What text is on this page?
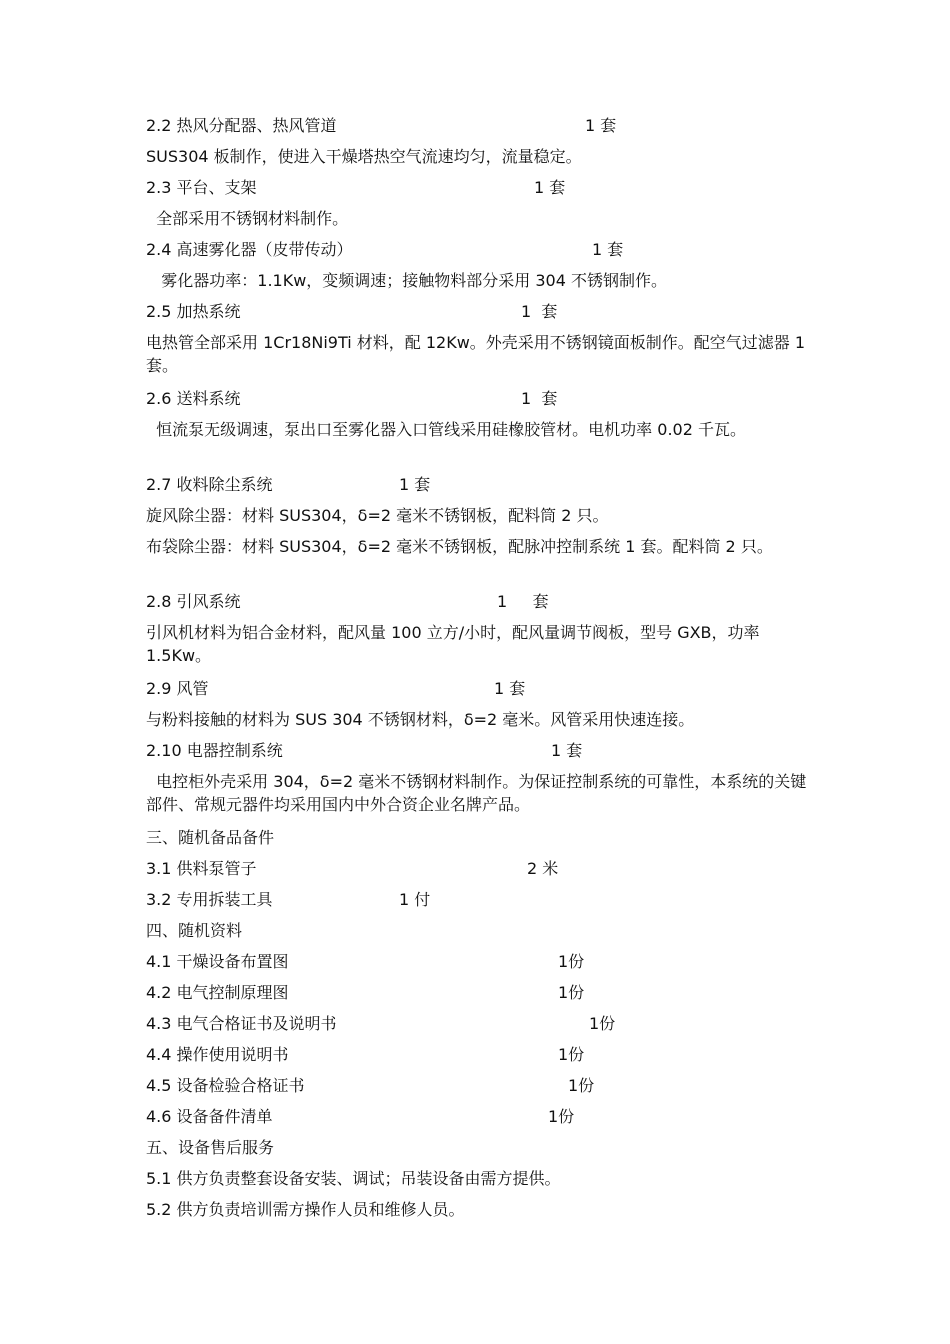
2.2 热风分配器、热风管道	1 套
SUS304 板制作，使进入干燥塔热空气流速均匀，流量稳定。
2.3 平台、支架	1 套
全部采用不锈钢材料制作。
2.4 高速雾化器（皮带传动）	1 套
雾化器功率：1.1Kw，变频调速；接触物料部分采用 304 不锈钢制作。
2.5 加热系统	1  套
电热管全部采用 1Cr18Ni9Ti 材料，配 12Kw。外壳采用不锈钢镜面板制作。配空气过滤器 1 套。
2.6 送料系统	1  套
恒流泵无级调速，泵出口至雾化器入口管线采用硅橡胶管材。电机功率 0.02 千瓦。
2.7 收料除尘系统	1 套
旋风除尘器：材料 SUS304，δ=2 毫米不锈钢板，配料筒 2 只。
布袋除尘器：材料 SUS304，δ=2 毫米不锈钢板，配脉冲控制系统 1 套。配料筒 2 只。
2.8 引风系统	1     套
引风机材料为铝合金材料，配风量 100 立方/小时，配风量调节阀板，型号 GXB，功率 1.5Kw。
2.9 风管	1 套
与粉料接触的材料为 SUS 304 不锈钢材料，δ=2 毫米。风管采用快速连接。
2.10 电器控制系统	1 套
电控柜外壳采用 304，δ=2 毫米不锈钢材料制作。为保证控制系统的可靠性，本系统的关键部件、常规元器件均采用国内中外合资企业名牌产品。
三、随机备品备件
3.1 供料泵管子	2 米
3.2 专用拆装工具	1 付
四、随机资料
4.1 干燥设备布置图	1份
4.2 电气控制原理图	1份
4.3 电气合格证书及说明书	1份
4.4 操作使用说明书	1份
4.5 设备检验合格证书	1份
4.6 设备备件清单	1份
五、设备售后服务
5.1 供方负责整套设备安装、调试；吊装设备由需方提供。
5.2 供方负责培训需方操作人员和维修人员。
